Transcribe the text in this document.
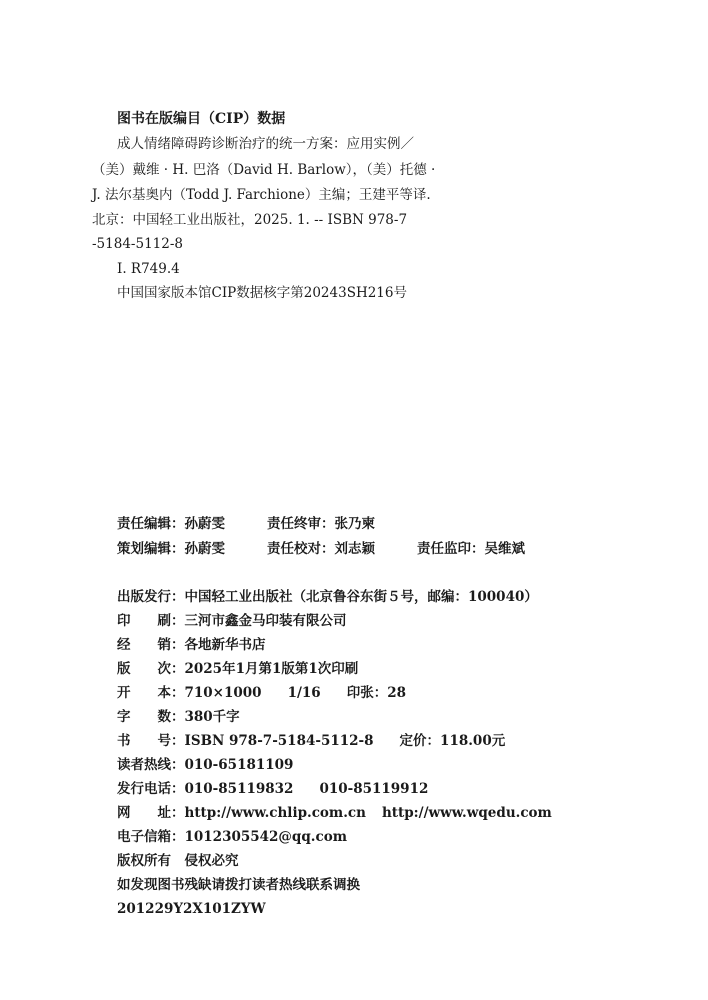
图书在版编目（CIP）数据
成人情绪障碍跨诊断治疗的统一方案：应用实例／
（美）戴维 · H. 巴洛（David H. Barlow），（美）托德 ·
J. 法尔基奥内（Todd J. Farchione）主编；王建平等译.
北京：中国轻工业出版社，2025. 1. -- ISBN 978-7
-5184-5112-8
Ⅰ. R749.4
中国国家版本馆CIP数据核字第20243SH216号
责任编辑：孙蔚雯	责任终审：张乃柬
策划编辑：孙蔚雯	责任校对：刘志颖	责任监印：吴维斌
出版发行：中国轻工业出版社（北京鲁谷东街５号，邮编：100040）
印　　刷：三河市鑫金马印装有限公司
经　　销：各地新华书店
版　　次：2025年1月第1版第1次印刷
开　　本：710×1000 1/16 印张：28
字　　数：380千字
书　　号：ISBN 978-7-5184-5112-8 定价：118.00元
读者热线：010-65181109
发行电话：010-85119832 010-85119912
网　　址：http://www.chlip.com.cn http://www.wqedu.com
电子信箱：1012305542@qq.com
版权所有　侵权必究
如发现图书残缺请拨打读者热线联系调换
201229Y2X101ZYW
